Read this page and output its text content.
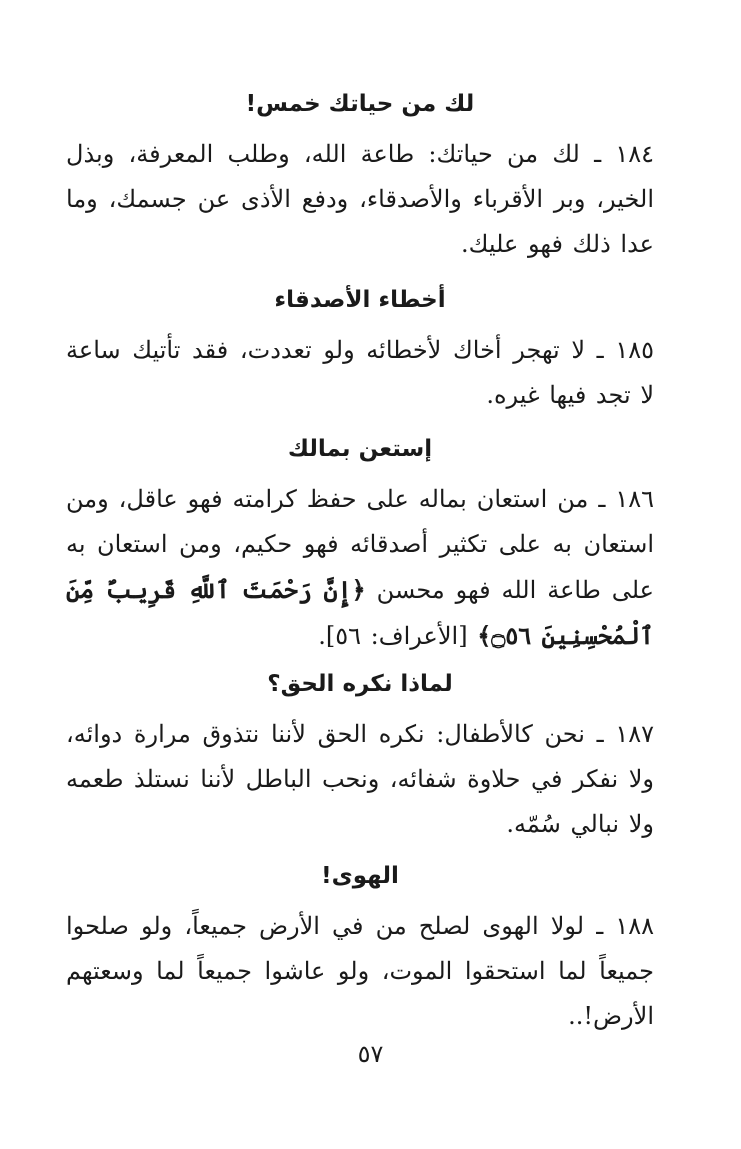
لك من حياتك خمس!

١٨٤ ـ لك من حياتك: طاعة الله، وطلب المعرفة، وبذل الخير، وبر الأقرباء والأصدقاء، ودفع الأذى عن جسمك، وما عدا ذلك فهو عليك.

أخطاء الأصدقاء

١٨٥ ـ لا تهجر أخاك لأخطائه ولو تعددت، فقد تأتيك ساعة لا تجد فيها غيره.

إستعن بمالك

١٨٦ ـ من استعان بماله على حفظ كرامته فهو عاقل، ومن استعان به على تكثير أصدقائه فهو حكيم، ومن استعان به على طاعة الله فهو محسن ﴿إِنَّ رَحْمَتَ ٱللَّهِ قَرِيبٌ مِّنَ ٱلْمُحْسِنِينَ ۝٥٦﴾ [الأعراف: ٥٦].

لماذا نكره الحق؟

١٨٧ ـ نحن كالأطفال: نكره الحق لأننا نتذوق مرارة دوائه، ولا نفكر في حلاوة شفائه، ونحب الباطل لأننا نستلذ طعمه ولا نبالي سُمّه.

الهوى!

١٨٨ ـ لولا الهوى لصلح من في الأرض جميعاً، ولو صلحوا جميعاً لما استحقوا الموت، ولو عاشوا جميعاً لما وسعتهم الأرض!..

٥٧
